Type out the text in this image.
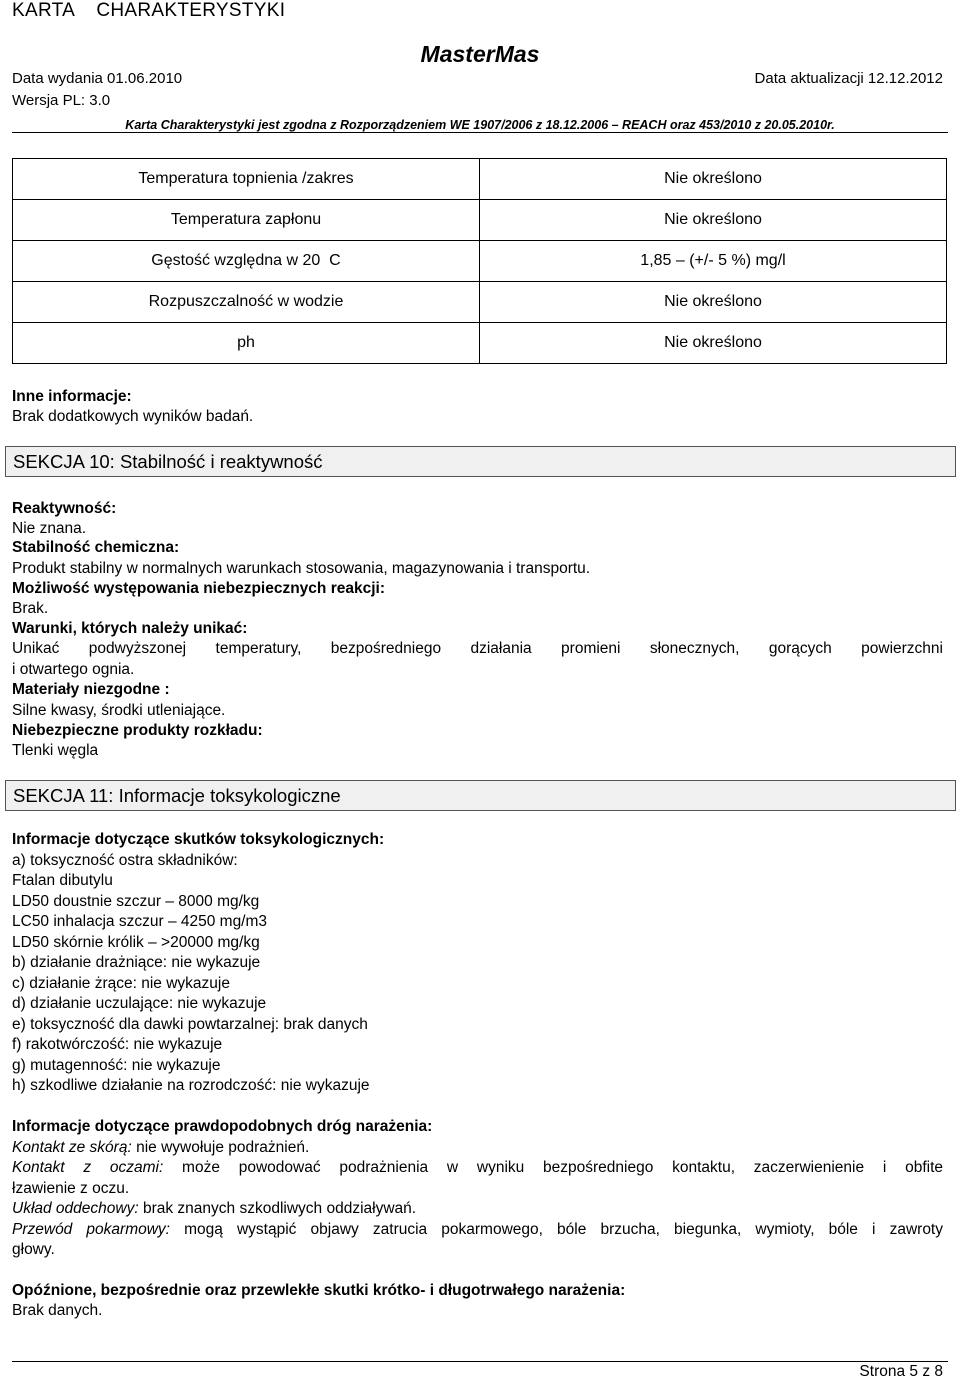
KARTA    CHARAKTERYSTYKI
MasterMas
Data wydania 01.06.2010	Data aktualizacji 12.12.2012
Wersja PL: 3.0
Karta Charakterystyki jest zgodna z Rozporządzeniem WE 1907/2006 z 18.12.2006 – REACH oraz 453/2010 z 20.05.2010r.
Temperatura topnienia /zakres	Nie określono
Temperatura zapłonu	Nie określono
Gęstość względna w 20  C	1,85 – (+/- 5 %) mg/l
Rozpuszczalność w wodzie	Nie określono
ph	Nie określono
Inne informacje:
Brak dodatkowych wyników badań.
SEKCJA 10: Stabilność i reaktywność
Reaktywność:
Nie znana.
Stabilność chemiczna:
Produkt stabilny w normalnych warunkach stosowania, magazynowania i transportu.
Możliwość występowania niebezpiecznych reakcji:
Brak.
Warunki, których należy unikać:
Unikać podwyższonej temperatury, bezpośredniego działania promieni słonecznych, gorących powierzchni
i otwartego ognia.
Materiały niezgodne :
Silne kwasy, środki utleniające.
Niebezpieczne produkty rozkładu:
Tlenki węgla
SEKCJA 11: Informacje toksykologiczne
Informacje dotyczące skutków toksykologicznych:
a) toksyczność ostra składników:
Ftalan dibutylu
LD50 doustnie szczur – 8000 mg/kg
LC50 inhalacja szczur – 4250 mg/m3
LD50 skórnie królik – >20000 mg/kg
b) działanie drażniące: nie wykazuje
c) działanie żrące: nie wykazuje
d) działanie uczulające: nie wykazuje
e) toksyczność dla dawki powtarzalnej: brak danych
f) rakotwórczość: nie wykazuje
g) mutagenność: nie wykazuje
h) szkodliwe działanie na rozrodczość: nie wykazuje
Informacje dotyczące prawdopodobnych dróg narażenia:
Kontakt ze skórą: nie wywołuje podrażnień.
Kontakt z oczami: może powodować podrażnienia w wyniku bezpośredniego kontaktu, zaczerwienienie i obfite
łzawienie z oczu.
Układ oddechowy: brak znanych szkodliwych oddziaływań.
Przewód pokarmowy: mogą wystąpić objawy zatrucia pokarmowego, bóle brzucha, biegunka, wymioty, bóle i zawroty
głowy.
Opóźnione, bezpośrednie oraz przewlekłe skutki krótko- i długotrwałego narażenia:
Brak danych.
Strona 5 z 8
